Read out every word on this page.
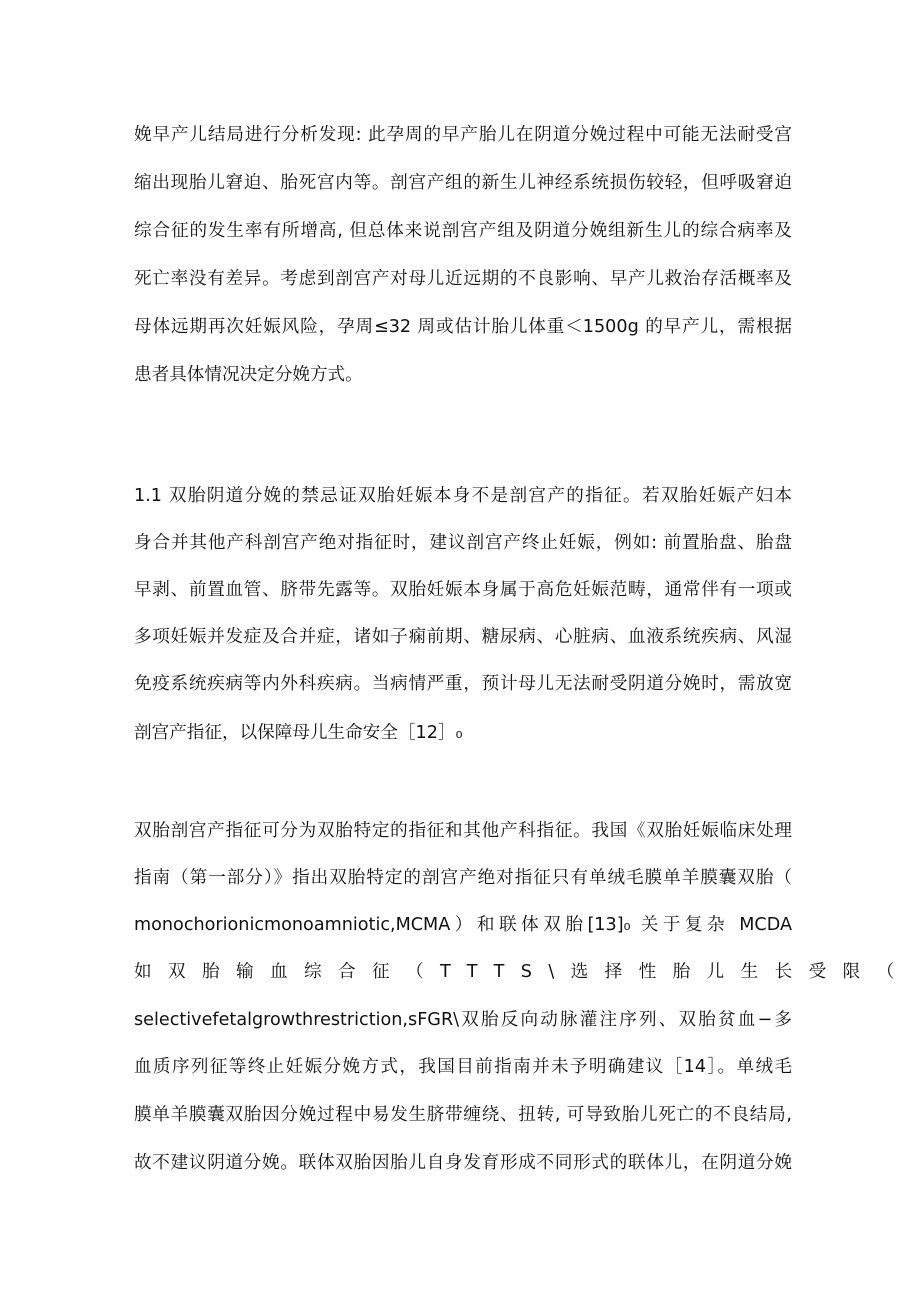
娩早产儿结局进行分析发现: 此孕周的早产胎儿在阴道分娩过程中可能无法耐受宫
缩出现胎儿窘迫、胎死宫内等。剖宫产组的新生儿神经系统损伤较轻，但呼吸窘迫
综合征的发生率有所增高, 但总体来说剖宫产组及阴道分娩组新生儿的综合病率及
死亡率没有差异。考虑到剖宫产对母儿近远期的不良影响、早产儿救治存活概率及
母体远期再次妊娠风险，孕周≤32 周或估计胎儿体重＜1500g 的早产儿，需根据
患者具体情况决定分娩方式。
1.1 双胎阴道分娩的禁忌证双胎妊娠本身不是剖宫产的指征。若双胎妊娠产妇本
身合并其他产科剖宫产绝对指征时，建议剖宫产终止妊娠，例如: 前置胎盘、胎盘
早剥、前置血管、脐带先露等。双胎妊娠本身属于高危妊娠范畴，通常伴有一项或
多项妊娠并发症及合并症，诸如子痫前期、糖尿病、心脏病、血液系统疾病、风湿
免疫系统疾病等内外科疾病。当病情严重，预计母儿无法耐受阴道分娩时，需放宽
剖宫产指征，以保障母儿生命安全［12］₀
双胎剖宫产指征可分为双胎特定的指征和其他产科指征。我国《双胎妊娠临床处理
指南（第一部分）》指出双胎特定的剖宫产绝对指征只有单绒毛膜单羊膜囊双胎（
monochorionicmonoamniotic,MCMA）和联体双胎[13]₀ 关于复杂 MCDA
如双胎输血综合征（TTTS\选择性胎儿生长受限（
selectivefetalgrowthrestriction,sFGR\双胎反向动脉灌注序列、双胎贫血−多
血质序列征等终止妊娠分娩方式，我国目前指南并未予明确建议［14］。单绒毛
膜单羊膜囊双胎因分娩过程中易发生脐带缠绕、扭转, 可导致胎儿死亡的不良结局,
故不建议阴道分娩。联体双胎因胎儿自身发育形成不同形式的联体儿，在阴道分娩
